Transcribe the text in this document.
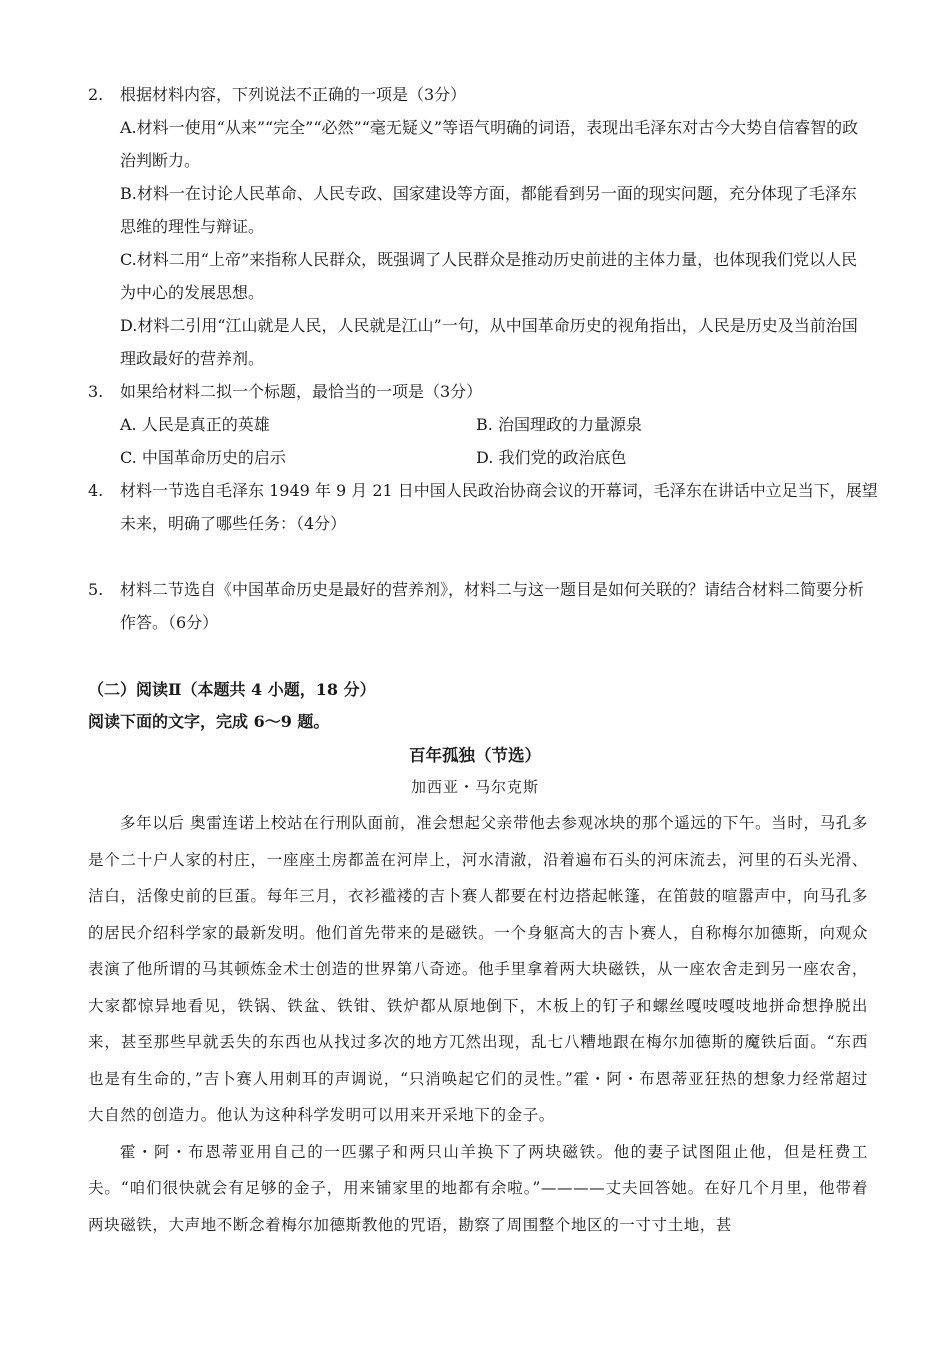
2.	根据材料内容，下列说法不正确的一项是（3分）
A.材料一使用“从来”“完全”“必然”“毫无疑义”等语气明确的词语，表现出毛泽东对古今大势自信睿智的政治判断力。
B.材料一在讨论人民革命、人民专政、国家建设等方面，都能看到另一面的现实问题，充分体现了毛泽东思维的理性与辩证。
C.材料二用“上帝”来指称人民群众，既强调了人民群众是推动历史前进的主体力量，也体现我们党以人民为中心的发展思想。
D.材料二引用“江山就是人民，人民就是江山”一句，从中国革命历史的视角指出，人民是历史及当前治国理政最好的营养剂。
3.	如果给材料二拟一个标题，最恰当的一项是（3分）
A. 人民是真正的英雄	B. 治国理政的力量源泉
C. 中国革命历史的启示	D. 我们党的政治底色
4.	材料一节选自毛泽东 1949 年 9 月 21 日中国人民政治协商会议的开幕词，毛泽东在讲话中立足当下，展望未来，明确了哪些任务：（4分）
5.	材料二节选自《中国革命历史是最好的营养剂》，材料二与这一题目是如何关联的？请结合材料二简要分析作答。（6分）
（二）阅读Ⅱ（本题共 4 小题，18 分）
阅读下面的文字，完成 6～9 题。
百年孤独（节选）
加西亚・马尔克斯

多年以后 奥雷连诺上校站在行刑队面前，准会想起父亲带他去参观冰块的那个遥远的下午。当时，马孔多是个二十户人家的村庄，一座座土房都盖在河岸上，河水清澈，沿着遍布石头的河床流去，河里的石头光滑、洁白，活像史前的巨蛋。每年三月，衣衫褴褛的吉卜赛人都要在村边搭起帐篷，在笛鼓的喧嚣声中，向马孔多的居民介绍科学家的最新发明。他们首先带来的是磁铁。一个身躯高大的吉卜赛人，自称梅尔加德斯，向观众表演了他所谓的马其顿炼金术士创造的世界第八奇迹。他手里拿着两大块磁铁，从一座农舍走到另一座农舍，大家都惊异地看见，铁锅、铁盆、铁钳、铁炉都从原地倒下，木板上的钉子和螺丝嘎吱嘎吱地拼命想挣脱出来，甚至那些早就丢失的东西也从找过多次的地方兀然出现，乱七八糟地跟在梅尔加德斯的魔铁后面。“东西也是有生命的，”吉卜赛人用刺耳的声调说，“只消唤起它们的灵性。”霍・阿・布恩蒂亚狂热的想象力经常超过大自然的创造力。他认为这种科学发明可以用来开采地下的金子。

霍・阿・布恩蒂亚用自己的一匹骡子和两只山羊换下了两块磁铁。他的妻子试图阻止他，但是枉费工夫。“咱们很快就会有足够的金子，用来铺家里的地都有余啦。”————丈夫回答她。在好几个月里，他带着两块磁铁，大声地不断念着梅尔加德斯教他的咒语，勘察了周围整个地区的一寸寸土地，甚
